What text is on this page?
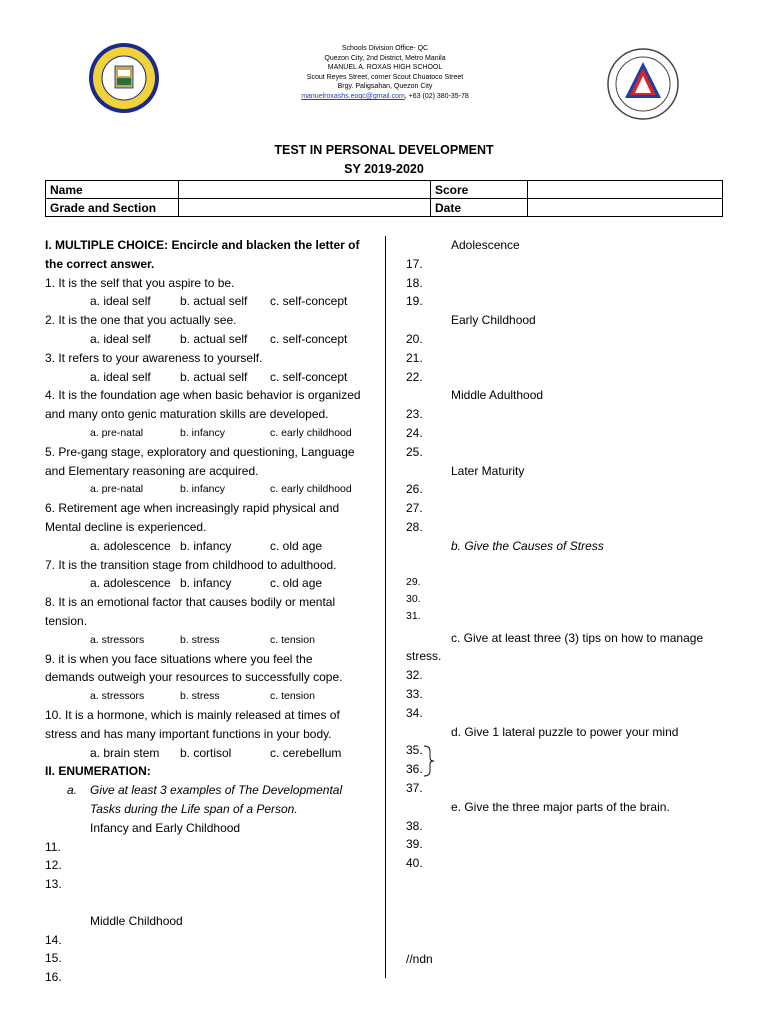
Schools Division Office- QC
Quezon City, 2nd District, Metro Manila
MANUEL A. ROXAS HIGH SCHOOL
Scout Reyes Street, corner Scout Chuatoco Street
Brgy. Paligsahan, Quezon City
manuelroxashs.eoqc@gmail.com, +63 (02) 380-35-78
TEST IN PERSONAL DEVELOPMENT
SY 2019-2020
Name		Score	
Grade and Section		Date	
I. MULTIPLE CHOICE: Encircle and blacken the letter of the correct answer.
1. It is the self that you aspire to be.
a. ideal self	b. actual self	c. self-concept
2. It is the one that you actually see.
a. ideal self	b. actual self	c. self-concept
3. It refers to your awareness to yourself.
a. ideal self	b. actual self	c. self-concept
4. It is the foundation age when basic behavior is organized and many onto genic maturation skills are developed.
a. pre-natal	b. infancy	c. early childhood
5. Pre-gang stage, exploratory and questioning, Language and Elementary reasoning are acquired.
a. pre-natal	b. infancy	c. early childhood
6. Retirement age when increasingly rapid physical and Mental decline is experienced.
a. adolescence b. infancy	c. old age
7. It is the transition stage from childhood to adulthood.
a. adolescence b. infancy	c. old age
8. It is an emotional factor that causes bodily or mental tension.
a. stressors	b. stress	c. tension
9. it is when you face situations where you feel the demands outweigh your resources to successfully cope.
a. stressors	b. stress	c. tension
10. It is a hormone, which is mainly released at times of stress and has many important functions in your body.
a. brain stem	b. cortisol	c. cerebellum
II. ENUMERATION:
a.	Give at least 3 examples of The Developmental Tasks during the Life span of a Person.
Infancy and Early Childhood
11.
12.
13.
Middle Childhood
14.
15.
16.
Adolescence
17.
18.
19.
Early Childhood
20.
21.
22.
Middle Adulthood
23.
24.
25.
Later Maturity
26.
27.
28.
b. Give the Causes of Stress
29.
30.
31.
c. Give at least three (3) tips on how to manage stress.
32.
33.
34.
d. Give 1 lateral puzzle to power your mind
35.
36.
37.
e. Give the three major parts of the brain.
38.
39.
40.
//ndn
